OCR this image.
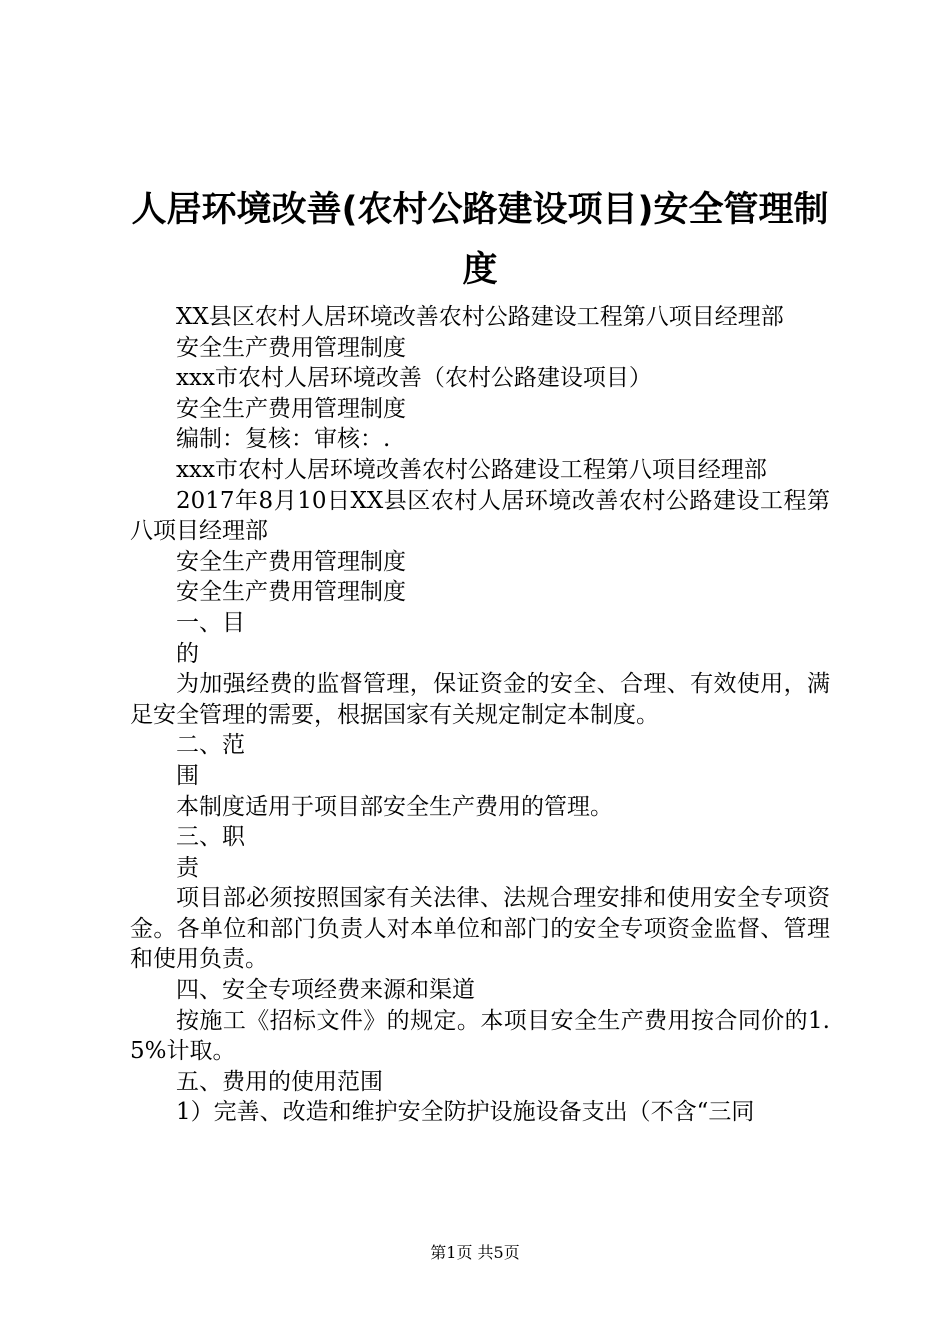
人居环境改善(农村公路建设项目)安全管理制度

XX县区农村人居环境改善农村公路建设工程第八项目经理部

安全生产费用管理制度

xxx市农村人居环境改善（农村公路建设项目）

安全生产费用管理制度

编制：复核：审核：.

xxx市农村人居环境改善农村公路建设工程第八项目经理部

2017年8月10日XX县区农村人居环境改善农村公路建设工程第八项目经理部

安全生产费用管理制度

安全生产费用管理制度

一、目

的

为加强经费的监督管理，保证资金的安全、合理、有效使用，满足安全管理的需要，根据国家有关规定制定本制度。

二、范

围

本制度适用于项目部安全生产费用的管理。

三、职

责

项目部必须按照国家有关法律、法规合理安排和使用安全专项资金。各单位和部门负责人对本单位和部门的安全专项资金监督、管理和使用负责。

四、安全专项经费来源和渠道

按施工《招标文件》的规定。本项目安全生产费用按合同价的1.5%计取。

五、费用的使用范围

1）完善、改造和维护安全防护设施设备支出（不含“三同

第1页 共5页
